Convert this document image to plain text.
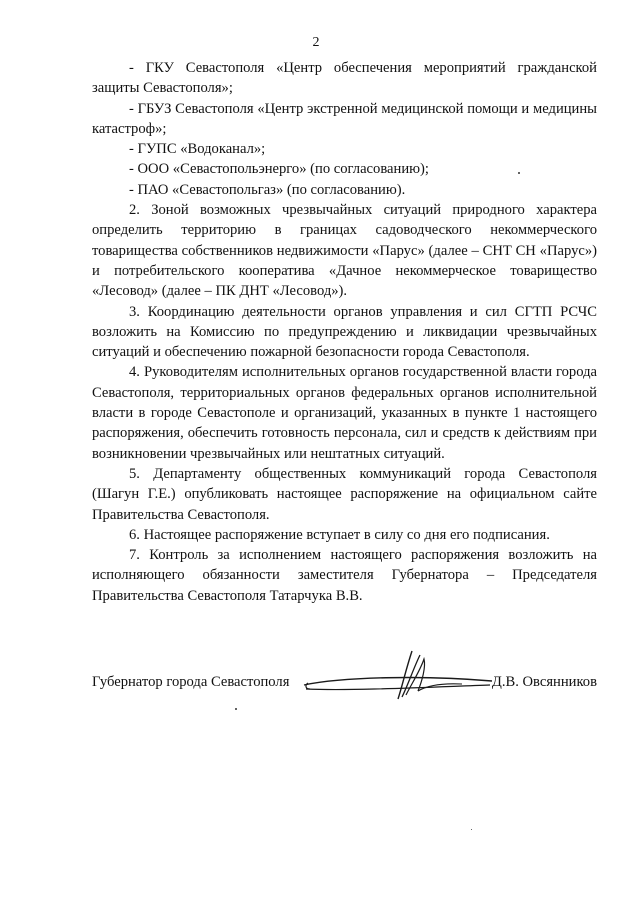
2

- ГКУ Севастополя «Центр обеспечения мероприятий гражданской защиты Севастополя»;

- ГБУЗ Севастополя «Центр экстренной медицинской помощи и медицины катастроф»;

- ГУПС «Водоканал»;

- ООО «Севастопольэнерго» (по согласованию);

- ПАО «Севастопольгаз» (по согласованию).

2. Зоной возможных чрезвычайных ситуаций природного характера определить территорию в границах садоводческого некоммерческого товарищества собственников недвижимости «Парус» (далее – СНТ СН «Парус») и потребительского кооператива «Дачное некоммерческое товарищество «Лесовод» (далее – ПК ДНТ «Лесовод»).

3. Координацию деятельности органов управления и сил СГТП РСЧС возложить на Комиссию по предупреждению и ликвидации чрезвычайных ситуаций и обеспечению пожарной безопасности города Севастополя.

4. Руководителям исполнительных органов государственной власти города Севастополя, территориальных органов федеральных органов исполнительной власти в городе Севастополе и организаций, указанных в пункте 1 настоящего распоряжения, обеспечить готовность персонала, сил и средств к действиям при возникновении чрезвычайных или нештатных ситуаций.

5. Департаменту общественных коммуникаций города Севастополя (Шагун Г.Е.) опубликовать настоящее распоряжение на официальном сайте Правительства Севастополя.

6. Настоящее распоряжение вступает в силу со дня его подписания.

7. Контроль за исполнением настоящего распоряжения возложить на исполняющего обязанности заместителя Губернатора – Председателя Правительства Севастополя Татарчука В.В.

Губернатор города Севастополя	Д.В. Овсянников
